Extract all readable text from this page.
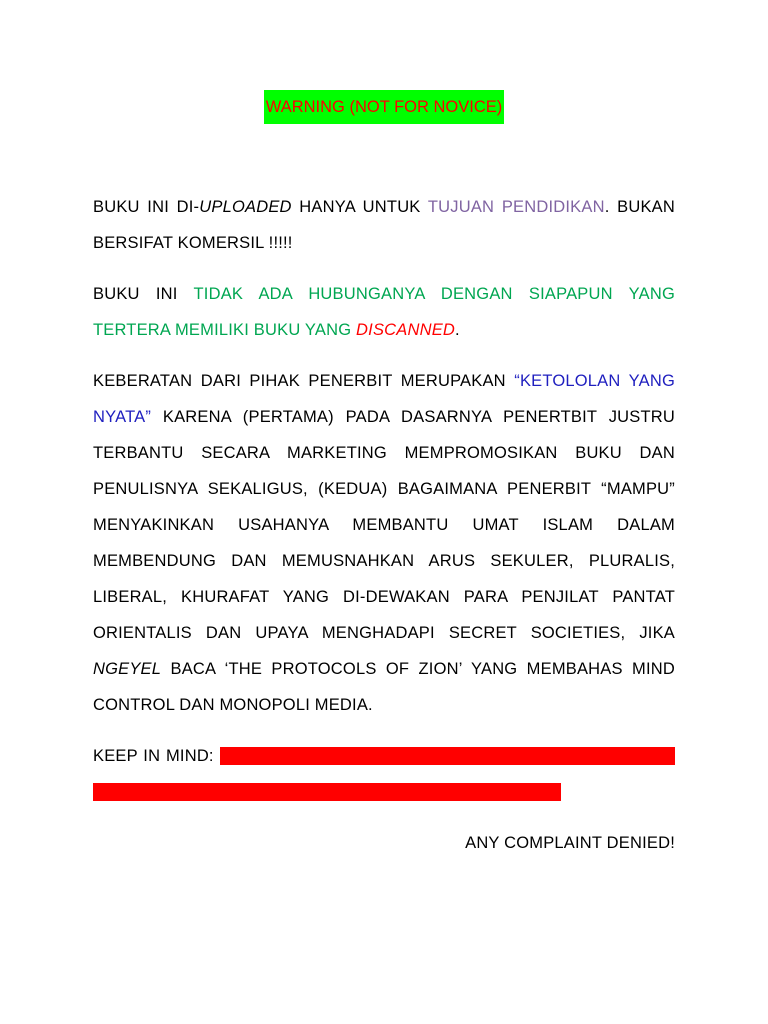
WARNING (NOT FOR NOVICE)

BUKU INI DI-UPLOADED HANYA UNTUK TUJUAN PENDIDIKAN. BUKAN BERSIFAT KOMERSIL !!!!!

BUKU INI TIDAK ADA HUBUNGANYA DENGAN SIAPAPUN YANG TERTERA MEMILIKI BUKU YANG DISCANNED.

KEBERATAN DARI PIHAK PENERBIT MERUPAKAN “KETOLOLAN YANG NYATA” KARENA (PERTAMA) PADA DASARNYA PENERTBIT JUSTRU TERBANTU SECARA MARKETING MEMPROMOSIKAN BUKU DAN PENULISNYA SEKALIGUS, (KEDUA) BAGAIMANA PENERBIT “MAMPU” MENYAKINKAN USAHANYA MEMBANTU UMAT ISLAM DALAM MEMBENDUNG DAN MEMUSNAHKAN ARUS SEKULER, PLURALIS, LIBERAL, KHURAFAT YANG DI-DEWAKAN PARA PENJILAT PANTAT ORIENTALIS DAN UPAYA MENGHADAPI SECRET SOCIETIES, JIKA NGEYEL BACA ‘THE PROTOCOLS OF ZION’ YANG MEMBAHAS MIND CONTROL DAN MONOPOLI MEDIA.

KEEP IN MIND: “YOU DO NOT NEED, BY BURNING BOOKS, TO DESTOY A CIVILISATION, BUT BAN THEM FROM READING BOOKS.”

ANY COMPLAINT DENIED!
